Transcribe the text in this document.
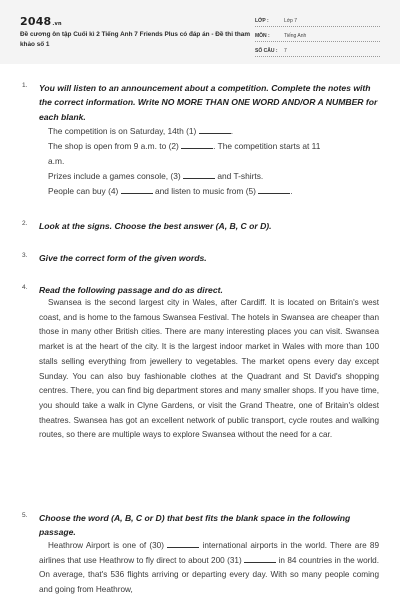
2048.vn
Đề cương ôn tập Cuối kì 2 Tiếng Anh 7 Friends Plus có đáp án - Đề thi tham khảo số 1
LỚP :	Lớp 7
MÔN :	Tiếng Anh
SỐ CÂU : 7
1. You will listen to an announcement about a competition. Complete the notes with the correct information. Write NO MORE THAN ONE WORD AND/OR A NUMBER for each blank.
The competition is on Saturday, 14th (1)	.
The shop is open from 9 a.m. to (2)	. The competition starts at 11
a.m.
Prizes include a games console, (3)	and T-shirts.
People can buy (4)	and listen to music from (5)	.
2. Look at the signs. Choose the best answer (A, B, C or D).
3. Give the correct form of the given words.
4. Read the following passage and do as direct.
Swansea is the second largest city in Wales, after Cardiff. It is located on Britain's west coast, and is home to the famous Swansea Festival. The hotels in Swansea are cheaper than those in many other British cities. There are many interesting places you can visit. Swansea market is at the heart of the city. It is the largest indoor market in Wales with more than 100 stalls selling everything from jewellery to vegetables. The market opens every day except Sunday. You can also buy fashionable clothes at the Quadrant and St David's shopping centres. There, you can find big department stores and many smaller shops. If you have time, you should take a walk in Clyne Gardens, or visit the Grand Theatre, one of Britain's oldest theatres. Swansea has got an excellent network of public transport, cycle routes and walking routes, so there are multiple ways to explore Swansea without the need for a car.
5. Choose the word (A, B, C or D) that best fits the blank space in the following passage.
Heathrow Airport is one of (30)	international airports in the world. There are 89 airlines that use Heathrow to fly direct to about 200 (31)	in 84 countries in the world. On average, that's 536 flights arriving or departing every day. With so many people coming and going from Heathrow,
